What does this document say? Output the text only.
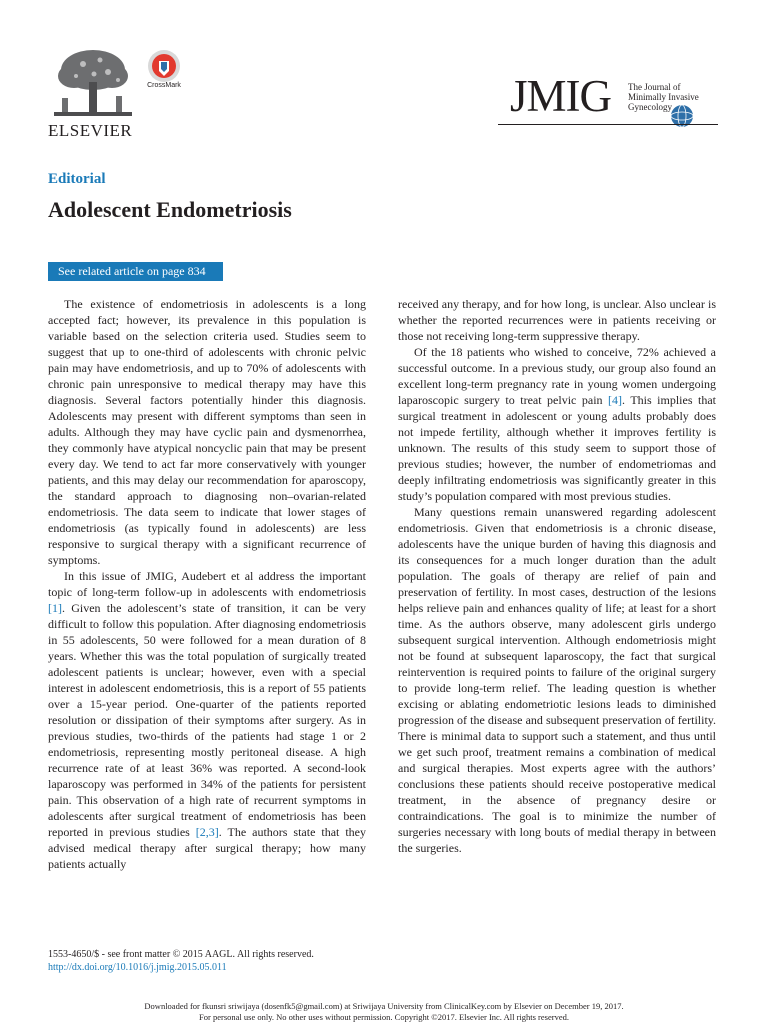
ELSEVIER
CrossMark	JMIG The Journal of
Minimally Invasive
Gynecology
Editorial
Adolescent Endometriosis
See related article on page 834

The existence of endometriosis in adolescents is a long accepted fact; however, its prevalence in this population is variable based on the selection criteria used. Studies seem to suggest that up to one-third of adolescents with chronic pelvic pain may have endometriosis, and up to 70% of adolescents with chronic pain unresponsive to medical therapy may have this diagnosis. Several factors potentially hinder this diagnosis. Adolescents may present with different symptoms than seen in adults. Although they may have cyclic pain and dysmenorrhea, they commonly have atypical noncyclic pain that may be present every day. We tend to act far more conservatively with younger patients, and this may delay our recommendation for aparoscopy, the standard approach to diagnosing non–ovarian-related endometriosis. The data seem to indicate that lower stages of endometriosis (as typically found in adolescents) are less responsive to surgical therapy with a significant recurrence of symptoms.

In this issue of JMIG, Audebert et al address the important topic of long-term follow-up in adolescents with endometriosis [1]. Given the adolescent’s state of transition, it can be very difficult to follow this population. After diagnosing endometriosis in 55 adolescents, 50 were followed for a mean duration of 8 years. Whether this was the total population of surgically treated adolescent patients is unclear; however, even with a special interest in adolescent endometriosis, this is a report of 55 patients over a 15-year period. One-quarter of the patients reported resolution or dissipation of their symptoms after surgery. As in previous studies, two-thirds of the patients had stage 1 or 2 endometriosis, representing mostly peritoneal disease. A high recurrence rate of at least 36% was reported. A second-look laparoscopy was performed in 34% of the patients for persistent pain. This observation of a high rate of recurrent symptoms in adolescents after surgical treatment of endometriosis has been reported in previous studies [2,3]. The authors state that they advised medical therapy after surgical therapy; how many patients actually

received any therapy, and for how long, is unclear. Also unclear is whether the reported recurrences were in patients receiving or those not receiving long-term suppressive therapy.

Of the 18 patients who wished to conceive, 72% achieved a successful outcome. In a previous study, our group also found an excellent long-term pregnancy rate in young women undergoing laparoscopic surgery to treat pelvic pain [4]. This implies that surgical treatment in adolescent or young adults probably does not impede fertility, although whether it improves fertility is unknown. The results of this study seem to support those of previous studies; however, the number of endometriomas and deeply infiltrating endometriosis was significantly greater in this study’s population compared with most previous studies.

Many questions remain unanswered regarding adolescent endometriosis. Given that endometriosis is a chronic disease, adolescents have the unique burden of having this diagnosis and its consequences for a much longer duration than the adult population. The goals of therapy are relief of pain and preservation of fertility. In most cases, destruction of the lesions helps relieve pain and enhances quality of life; at least for a short time. As the authors observe, many adolescent girls undergo subsequent surgical intervention. Although endometriosis might not be found at subsequent laparoscopy, the fact that surgical reintervention is required points to failure of the original surgery to provide long-term relief. The leading question is whether excising or ablating endometriotic lesions leads to diminished progression of the disease and subsequent preservation of fertility. There is minimal data to support such a statement, and thus until we get such proof, treatment remains a combination of medical and surgical therapies. Most experts agree with the authors’ conclusions these patients should receive postoperative medical treatment, in the absence of pregnancy desire or contraindications. The goal is to minimize the number of surgeries necessary with long bouts of medial therapy in between the surgeries.

1553-4650/$ - see front matter © 2015 AAGL. All rights reserved.
http://dx.doi.org/10.1016/j.jmig.2015.05.011
Downloaded for fkunsri sriwijaya (dosenfk5@gmail.com) at Sriwijaya University from ClinicalKey.com by Elsevier on December 19, 2017.
For personal use only. No other uses without permission. Copyright ©2017. Elsevier Inc. All rights reserved.
